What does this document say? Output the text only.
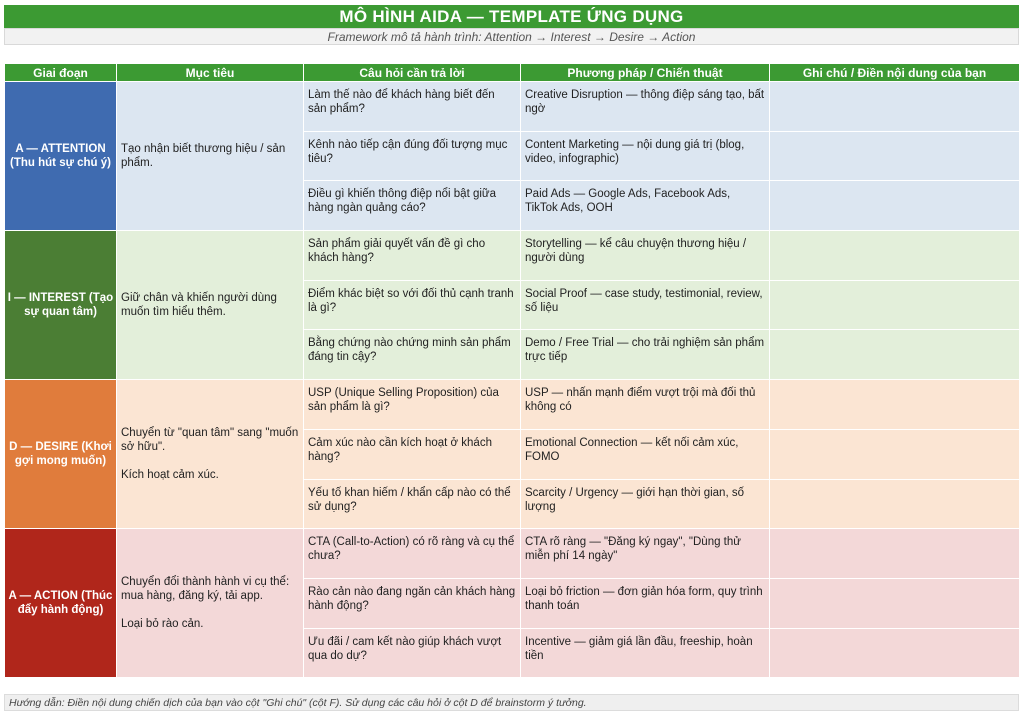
MÔ HÌNH AIDA — TEMPLATE ỨNG DỤNG
Framework mô tả hành trình: Attention → Interest → Desire → Action
Giai đoạn	Mục tiêu	Câu hỏi cần trả lời	Phương pháp / Chiến thuật	Ghi chú / Điền nội dung của bạn
A — ATTENTION (Thu hút sự chú ý)	Tạo nhận biết thương hiệu / sản phẩm.	Làm thế nào để khách hàng biết đến sản phẩm?	Creative Disruption — thông điệp sáng tạo, bất ngờ	
		Kênh nào tiếp cận đúng đối tượng mục tiêu?	Content Marketing — nội dung giá trị (blog, video, infographic)	
		Điều gì khiến thông điệp nổi bật giữa hàng ngàn quảng cáo?	Paid Ads — Google Ads, Facebook Ads, TikTok Ads, OOH	
I — INTEREST (Tạo sự quan tâm)	Giữ chân và khiến người dùng muốn tìm hiểu thêm.	Sản phẩm giải quyết vấn đề gì cho khách hàng?	Storytelling — kể câu chuyện thương hiệu / người dùng	
		Điểm khác biệt so với đối thủ cạnh tranh là gì?	Social Proof — case study, testimonial, review, số liệu	
		Bằng chứng nào chứng minh sản phẩm đáng tin cậy?	Demo / Free Trial — cho trải nghiệm sản phẩm trực tiếp	
D — DESIRE (Khơi gợi mong muốn)	Chuyển từ "quan tâm" sang "muốn sở hữu".

Kích hoạt cảm xúc.	USP (Unique Selling Proposition) của sản phẩm là gì?	USP — nhấn mạnh điểm vượt trội mà đối thủ không có	
		Cảm xúc nào cần kích hoạt ở khách hàng?	Emotional Connection — kết nối cảm xúc, FOMO	
		Yếu tố khan hiếm / khẩn cấp nào có thể sử dụng?	Scarcity / Urgency — giới hạn thời gian, số lượng	
A — ACTION (Thúc đẩy hành động)	Chuyển đổi thành hành vi cụ thể: mua hàng, đăng ký, tải app.

Loại bỏ rào cản.	CTA (Call-to-Action) có rõ ràng và cụ thể chưa?	CTA rõ ràng — "Đăng ký ngay", "Dùng thử miễn phí 14 ngày"	
		Rào cản nào đang ngăn cản khách hàng hành động?	Loại bỏ friction — đơn giản hóa form, quy trình thanh toán	
		Ưu đãi / cam kết nào giúp khách vượt qua do dự?	Incentive — giảm giá lần đầu, freeship, hoàn tiền	
Hướng dẫn: Điền nội dung chiến dịch của bạn vào cột "Ghi chú" (cột F). Sử dụng các câu hỏi ở cột D để brainstorm ý tưởng.
